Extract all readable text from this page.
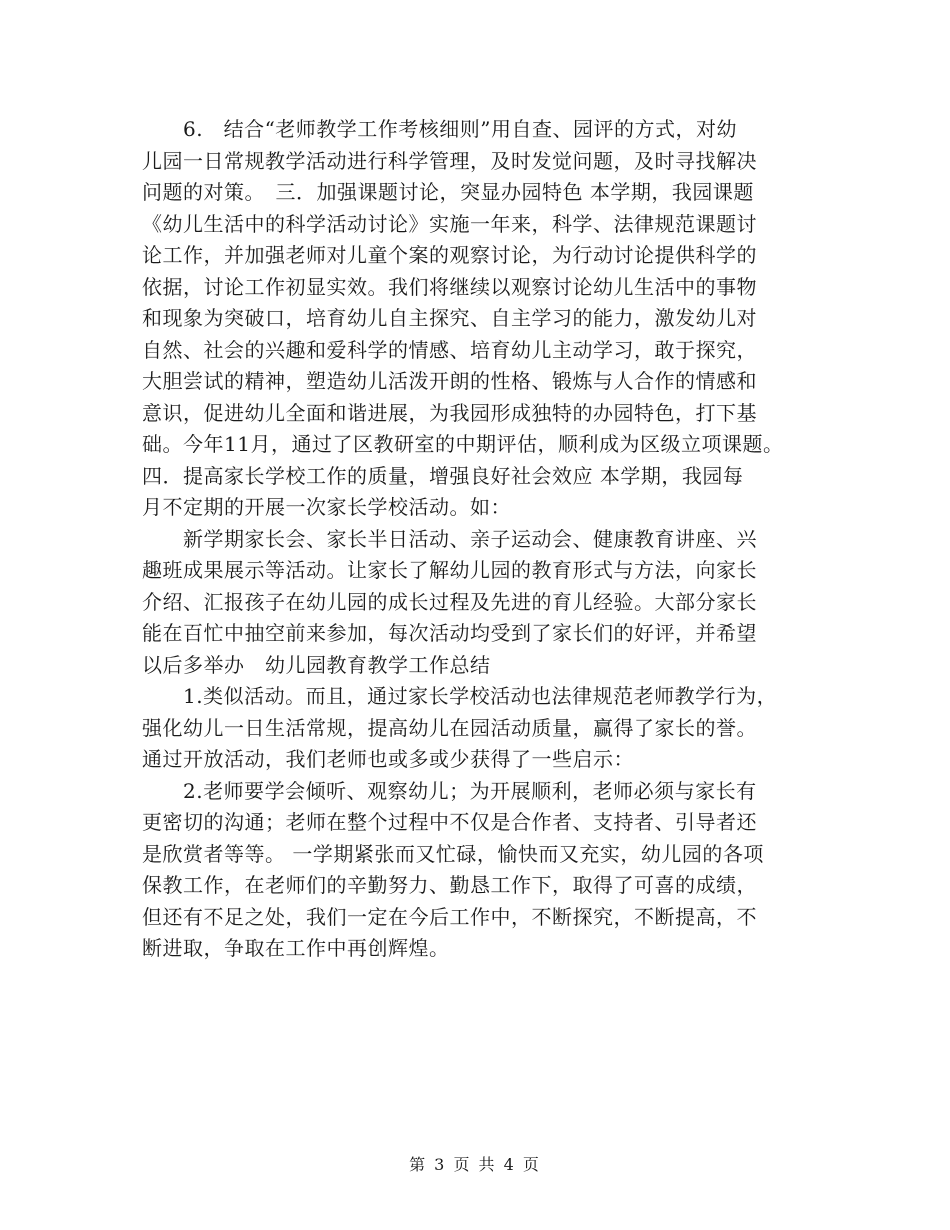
　　6.　结合“老师教学工作考核细则”用自查、园评的方式，对幼
儿园一日常规教学活动进行科学管理，及时发觉问题，及时寻找解决
问题的对策。　三．加强课题讨论，突显办园特色 本学期，我园课题
《幼儿生活中的科学活动讨论》实施一年来，科学、法律规范课题讨
论工作，并加强老师对儿童个案的观察讨论，为行动讨论提供科学的
依据，讨论工作初显实效。我们将继续以观察讨论幼儿生活中的事物
和现象为突破口，培育幼儿自主探究、自主学习的能力，激发幼儿对
自然、社会的兴趣和爱科学的情感、培育幼儿主动学习，敢于探究，
大胆尝试的精神，塑造幼儿活泼开朗的性格、锻炼与人合作的情感和
意识，促进幼儿全面和谐进展，为我园形成独特的办园特色，打下基
础。今年11月，通过了区教研室的中期评估，顺利成为区级立项课题。
四．提高家长学校工作的质量，增强良好社会效应 本学期，我园每
月不定期的开展一次家长学校活动。如：
　　新学期家长会、家长半日活动、亲子运动会、健康教育讲座、兴
趣班成果展示等活动。让家长了解幼儿园的教育形式与方法，向家长
介绍、汇报孩子在幼儿园的成长过程及先进的育儿经验。大部分家长
能在百忙中抽空前来参加，每次活动均受到了家长们的好评，并希望
以后多举办　幼儿园教育教学工作总结
　　1.类似活动。而且，通过家长学校活动也法律规范老师教学行为，
强化幼儿一日生活常规，提高幼儿在园活动质量，赢得了家长的誉。
通过开放活动，我们老师也或多或少获得了一些启示：
　　2.老师要学会倾听、观察幼儿；为开展顺利，老师必须与家长有
更密切的沟通；老师在整个过程中不仅是合作者、支持者、引导者还
是欣赏者等等。 一学期紧张而又忙碌，愉快而又充实，幼儿园的各项
保教工作，在老师们的辛勤努力、勤恳工作下，取得了可喜的成绩，
但还有不足之处，我们一定在今后工作中，不断探究，不断提高，不
断进取，争取在工作中再创辉煌。
第 3 页 共 4 页
